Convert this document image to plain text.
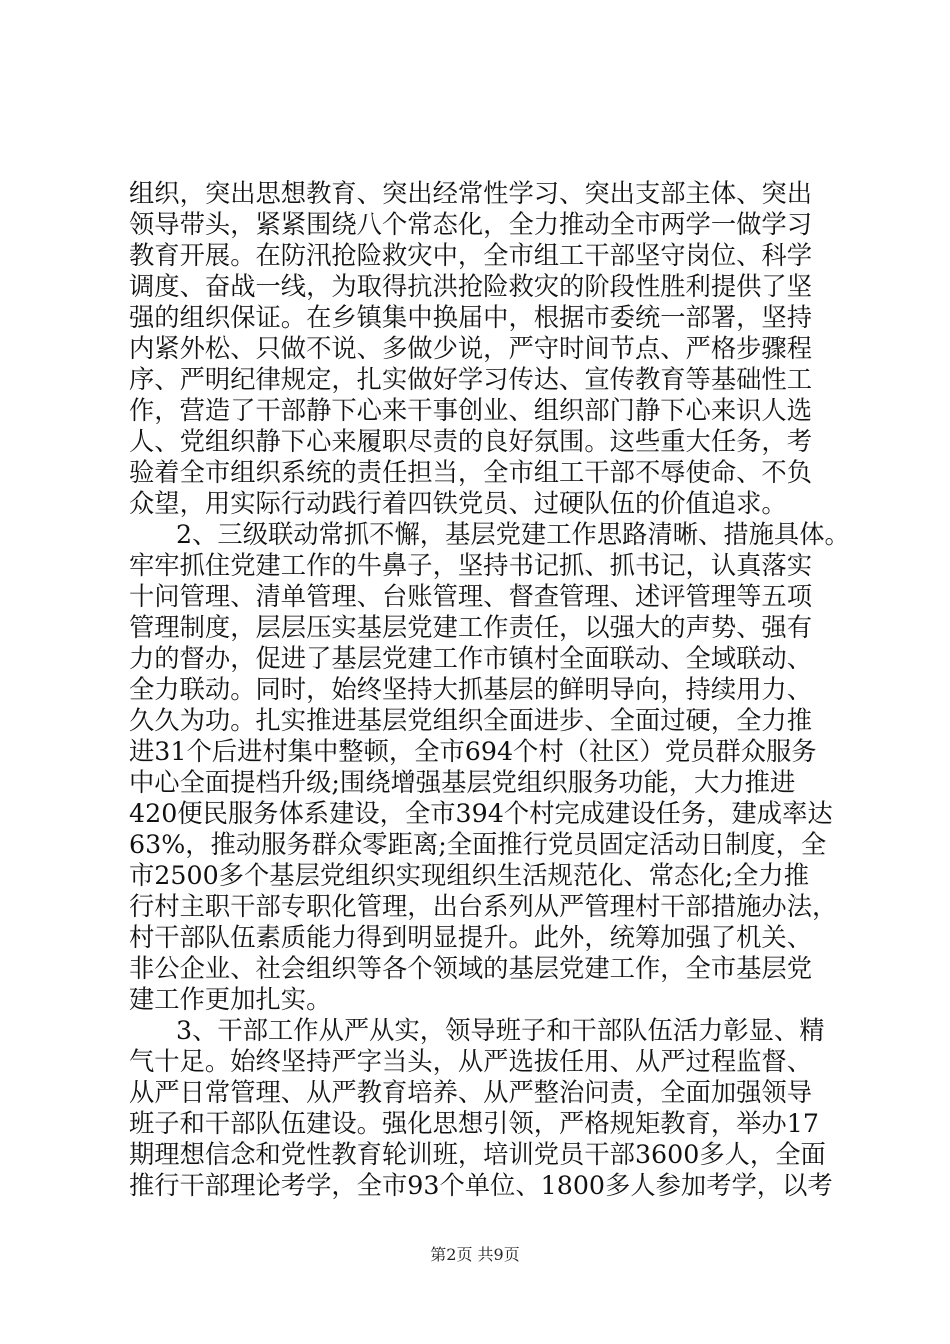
组织，突出思想教育、突出经常性学习、突出支部主体、突出
领导带头，紧紧围绕八个常态化，全力推动全市两学一做学习
教育开展。在防汛抢险救灾中，全市组工干部坚守岗位、科学
调度、奋战一线，为取得抗洪抢险救灾的阶段性胜利提供了坚
强的组织保证。在乡镇集中换届中，根据市委统一部署，坚持
内紧外松、只做不说、多做少说，严守时间节点、严格步骤程
序、严明纪律规定，扎实做好学习传达、宣传教育等基础性工
作，营造了干部静下心来干事创业、组织部门静下心来识人选
人、党组织静下心来履职尽责的良好氛围。这些重大任务，考
验着全市组织系统的责任担当，全市组工干部不辱使命、不负
众望，用实际行动践行着四铁党员、过硬队伍的价值追求。
2、三级联动常抓不懈，基层党建工作思路清晰、措施具体。
牢牢抓住党建工作的牛鼻子，坚持书记抓、抓书记，认真落实
十问管理、清单管理、台账管理、督查管理、述评管理等五项
管理制度，层层压实基层党建工作责任，以强大的声势、强有
力的督办，促进了基层党建工作市镇村全面联动、全域联动、
全力联动。同时，始终坚持大抓基层的鲜明导向，持续用力、
久久为功。扎实推进基层党组织全面进步、全面过硬，全力推
进31个后进村集中整顿，全市694个村（社区）党员群众服务
中心全面提档升级;围绕增强基层党组织服务功能，大力推进
420便民服务体系建设，全市394个村完成建设任务，建成率达
63%，推动服务群众零距离;全面推行党员固定活动日制度，全
市2500多个基层党组织实现组织生活规范化、常态化;全力推
行村主职干部专职化管理，出台系列从严管理村干部措施办法，
村干部队伍素质能力得到明显提升。此外，统筹加强了机关、
非公企业、社会组织等各个领域的基层党建工作，全市基层党
建工作更加扎实。
3、干部工作从严从实，领导班子和干部队伍活力彰显、精
气十足。始终坚持严字当头，从严选拔任用、从严过程监督、
从严日常管理、从严教育培养、从严整治问责，全面加强领导
班子和干部队伍建设。强化思想引领，严格规矩教育，举办17
期理想信念和党性教育轮训班，培训党员干部3600多人，全面
推行干部理论考学，全市93个单位、1800多人参加考学，以考
第2页 共9页
